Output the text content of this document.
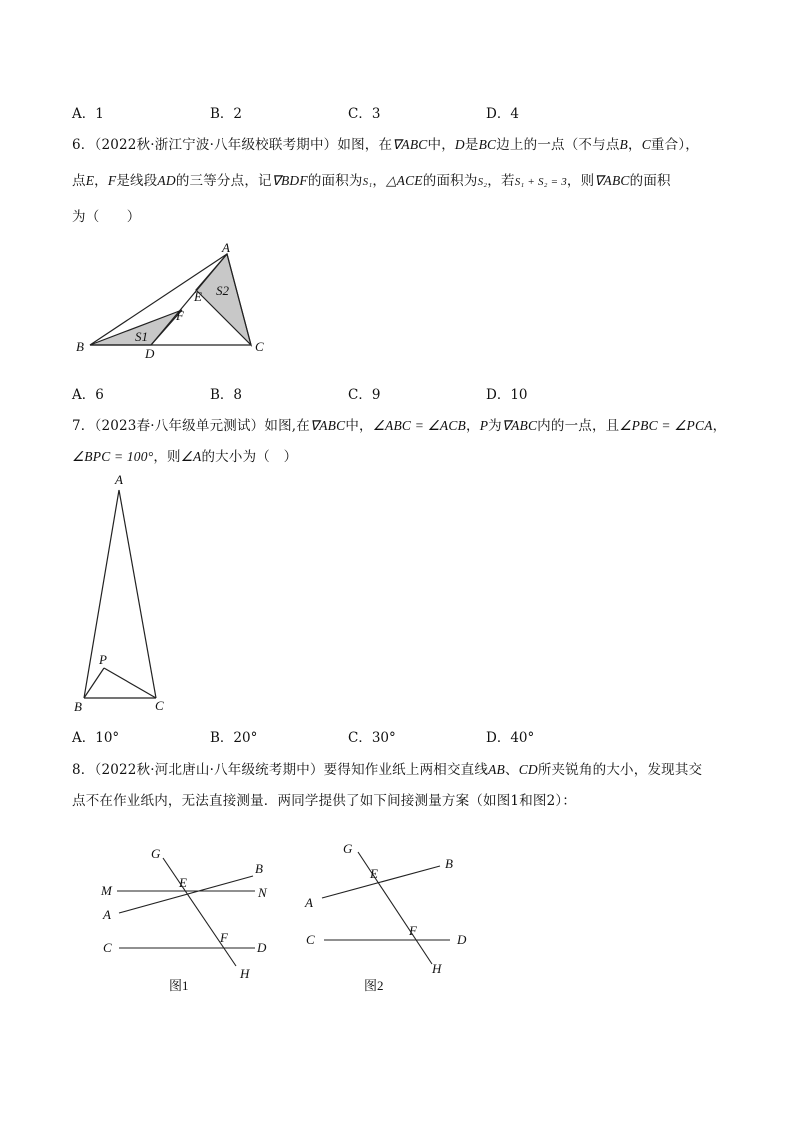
A．1	B．2	C．3	D．4
6．（2022秋·浙江宁波·八年级校联考期中）如图，在∇ABC中，D是BC边上的一点（不与点B，C重合），
点E，F是线段AD的三等分点，记∇BDF的面积为S₁，△ACE的面积为S₂，若S₁ + S₂ = 3，则∇ABC的面积
为（　　）
A
B	C
D
E
F
S1
S2
A．6	B．8	C．9	D．10
7．（2023春·八年级单元测试）如图,在∇ABC中，∠ABC = ∠ACB，P为∇ABC内的一点，且∠PBC = ∠PCA，
∠BPC = 100°，则∠A的大小为（　）
A
P
B	C
A．10°	B．20°	C．30°	D．40°
8．（2022秋·河北唐山·八年级统考期中）要得知作业纸上两相交直线AB、CD所夹锐角的大小，发现其交
点不在作业纸内，无法直接测量．两同学提供了如下间接测量方案（如图1和图2）：
G
B
M
E
N
A
C
F
D
H
图1
G
E
B
A
C
F
D
H
图2
